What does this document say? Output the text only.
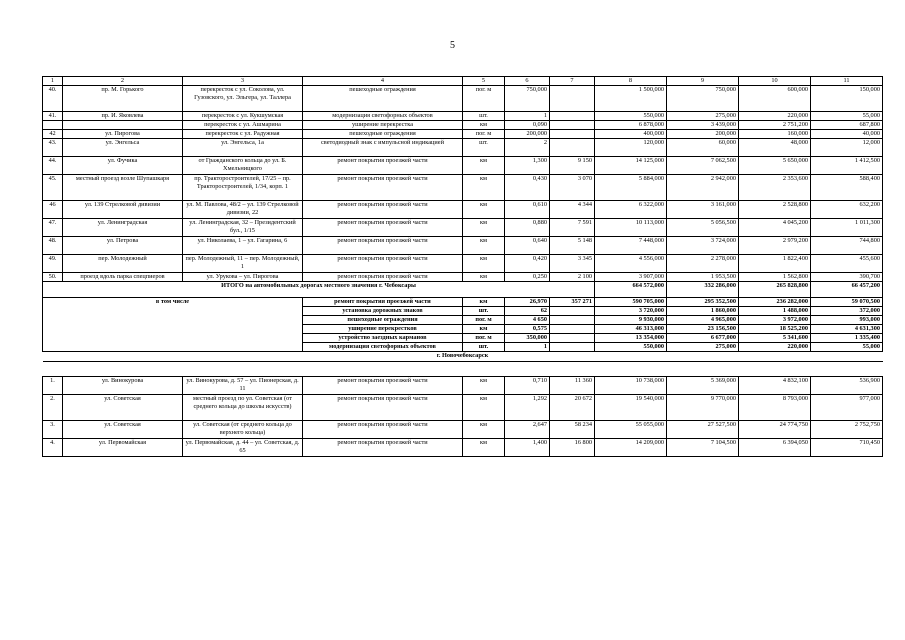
5
1	2	3	4	5	6	7	8	9	10	11
40.	пр. М. Горького	перекресток с ул. Соколова, ул. Гузовского, ул. Эльгера, ул. Таллера	пешеходные ограждения	пог. м	750,000		1 500,000	750,000	600,000	150,000
41.	пр. И. Яковлева	перекресток с ул. Кукшумская	модернизация светофорных объектов	шт.	1		550,000	275,000	220,000	55,000
		перекресток с ул. Ашмарина	уширение перекрестка	км	0,090		6 878,000	3 439,000	2 751,200	687,800
42	ул. Пирогова	перекресток с ул. Радужная	пешеходные ограждения	пог. м	200,000		400,000	200,000	160,000	40,000
43.	ул. Энгельса	ул. Энгельса, 1а	светодиодный знак с импульсной индикацией	шт.	2		120,000	60,000	48,000	12,000
44.	ул. Фучика	от Гражданского кольца до ул. Б. Хмельницкого	ремонт покрытия проезжей части	км	1,300	9 150	14 125,000	7 062,500	5 650,000	1 412,500
45.	местный проезд возле Шупашкаря	пр. Тракторостроителей, 17/25 – пр. Тракторостроителей, 1/34, корп. 1	ремонт покрытия проезжей части	км	0,430	3 070	5 884,000	2 942,000	2 353,600	588,400
46	ул. 139 Стрелковой дивизии	ул. М. Павлова, 48/2 – ул. 139 Стрелковой дивизии, 22	ремонт покрытия проезжей части	км	0,610	4 344	6 322,000	3 161,000	2 528,800	632,200
47.	ул. Ленинградская	ул. Ленинградская, 32 – Президентский бул., 1/15	ремонт покрытия проезжей части	км	0,880	7 591	10 113,000	5 056,500	4 045,200	1 011,300
48.	ул. Петрова	ул. Николаева, 1 – ул. Гагарина, 6	ремонт покрытия проезжей части	км	0,640	5 148	7 448,000	3 724,000	2 979,200	744,800
49.	пер. Молодежный	пер. Молодежный, 11 – пер. Молодежный, 1	ремонт покрытия проезжей части	км	0,420	3 345	4 556,000	2 278,000	1 822,400	455,600
50.	проезд вдоль парка спецпиеров	ул. Урукова – ул. Пирогова	ремонт покрытия проезжей части	км	0,250	2 100	3 907,000	1 953,500	1 562,800	390,700
ИТОГО на автомобильных дорогах местного значения г. Чебоксары							664 572,000	332 286,000	265 828,800	66 457,200
в том числе			ремонт покрытия проезжей части	км	26,970	357 271	590 705,000	295 352,500	236 282,000	59 070,500
			установка дорожных знаков	шт.	62		3 720,000	1 860,000	1 488,000	372,000
			пешеходные ограждения	пог. м	4 650		9 930,000	4 965,000	3 972,000	993,000
			уширение перекрестков	км	0,575		46 313,000	23 156,500	18 525,200	4 631,300
			устройство заездных карманов	пог. м	350,000		13 354,000	6 677,000	5 341,600	1 335,400
			модернизация светофорных объектов	шт.	1		550,000	275,000	220,000	55,000
г. Новочебоксарск										

1.	ул. Винокурова	ул. Винокурова, д. 57 – ул. Пионерская, д. 11	ремонт покрытия проезжей части	км	0,710	11 360	10 738,000	5 369,000	4 832,100	536,900
2.	ул. Советская	местный проезд по ул. Советская (от среднего кольца до школы искусств)	ремонт покрытия проезжей части	км	1,292	20 672	19 540,000	9 770,000	8 793,000	977,000
3.	ул. Советская	ул. Советская (от среднего кольца до верхнего кольца)	ремонт покрытия проезжей части	км	2,647	58 234	55 055,000	27 527,500	24 774,750	2 752,750
4.	ул. Первомайская	ул. Первомайская, д. 44 – ул. Советская, д. 65	ремонт покрытия проезжей части	км	1,400	16 800	14 209,000	7 104,500	6 394,050	710,450
